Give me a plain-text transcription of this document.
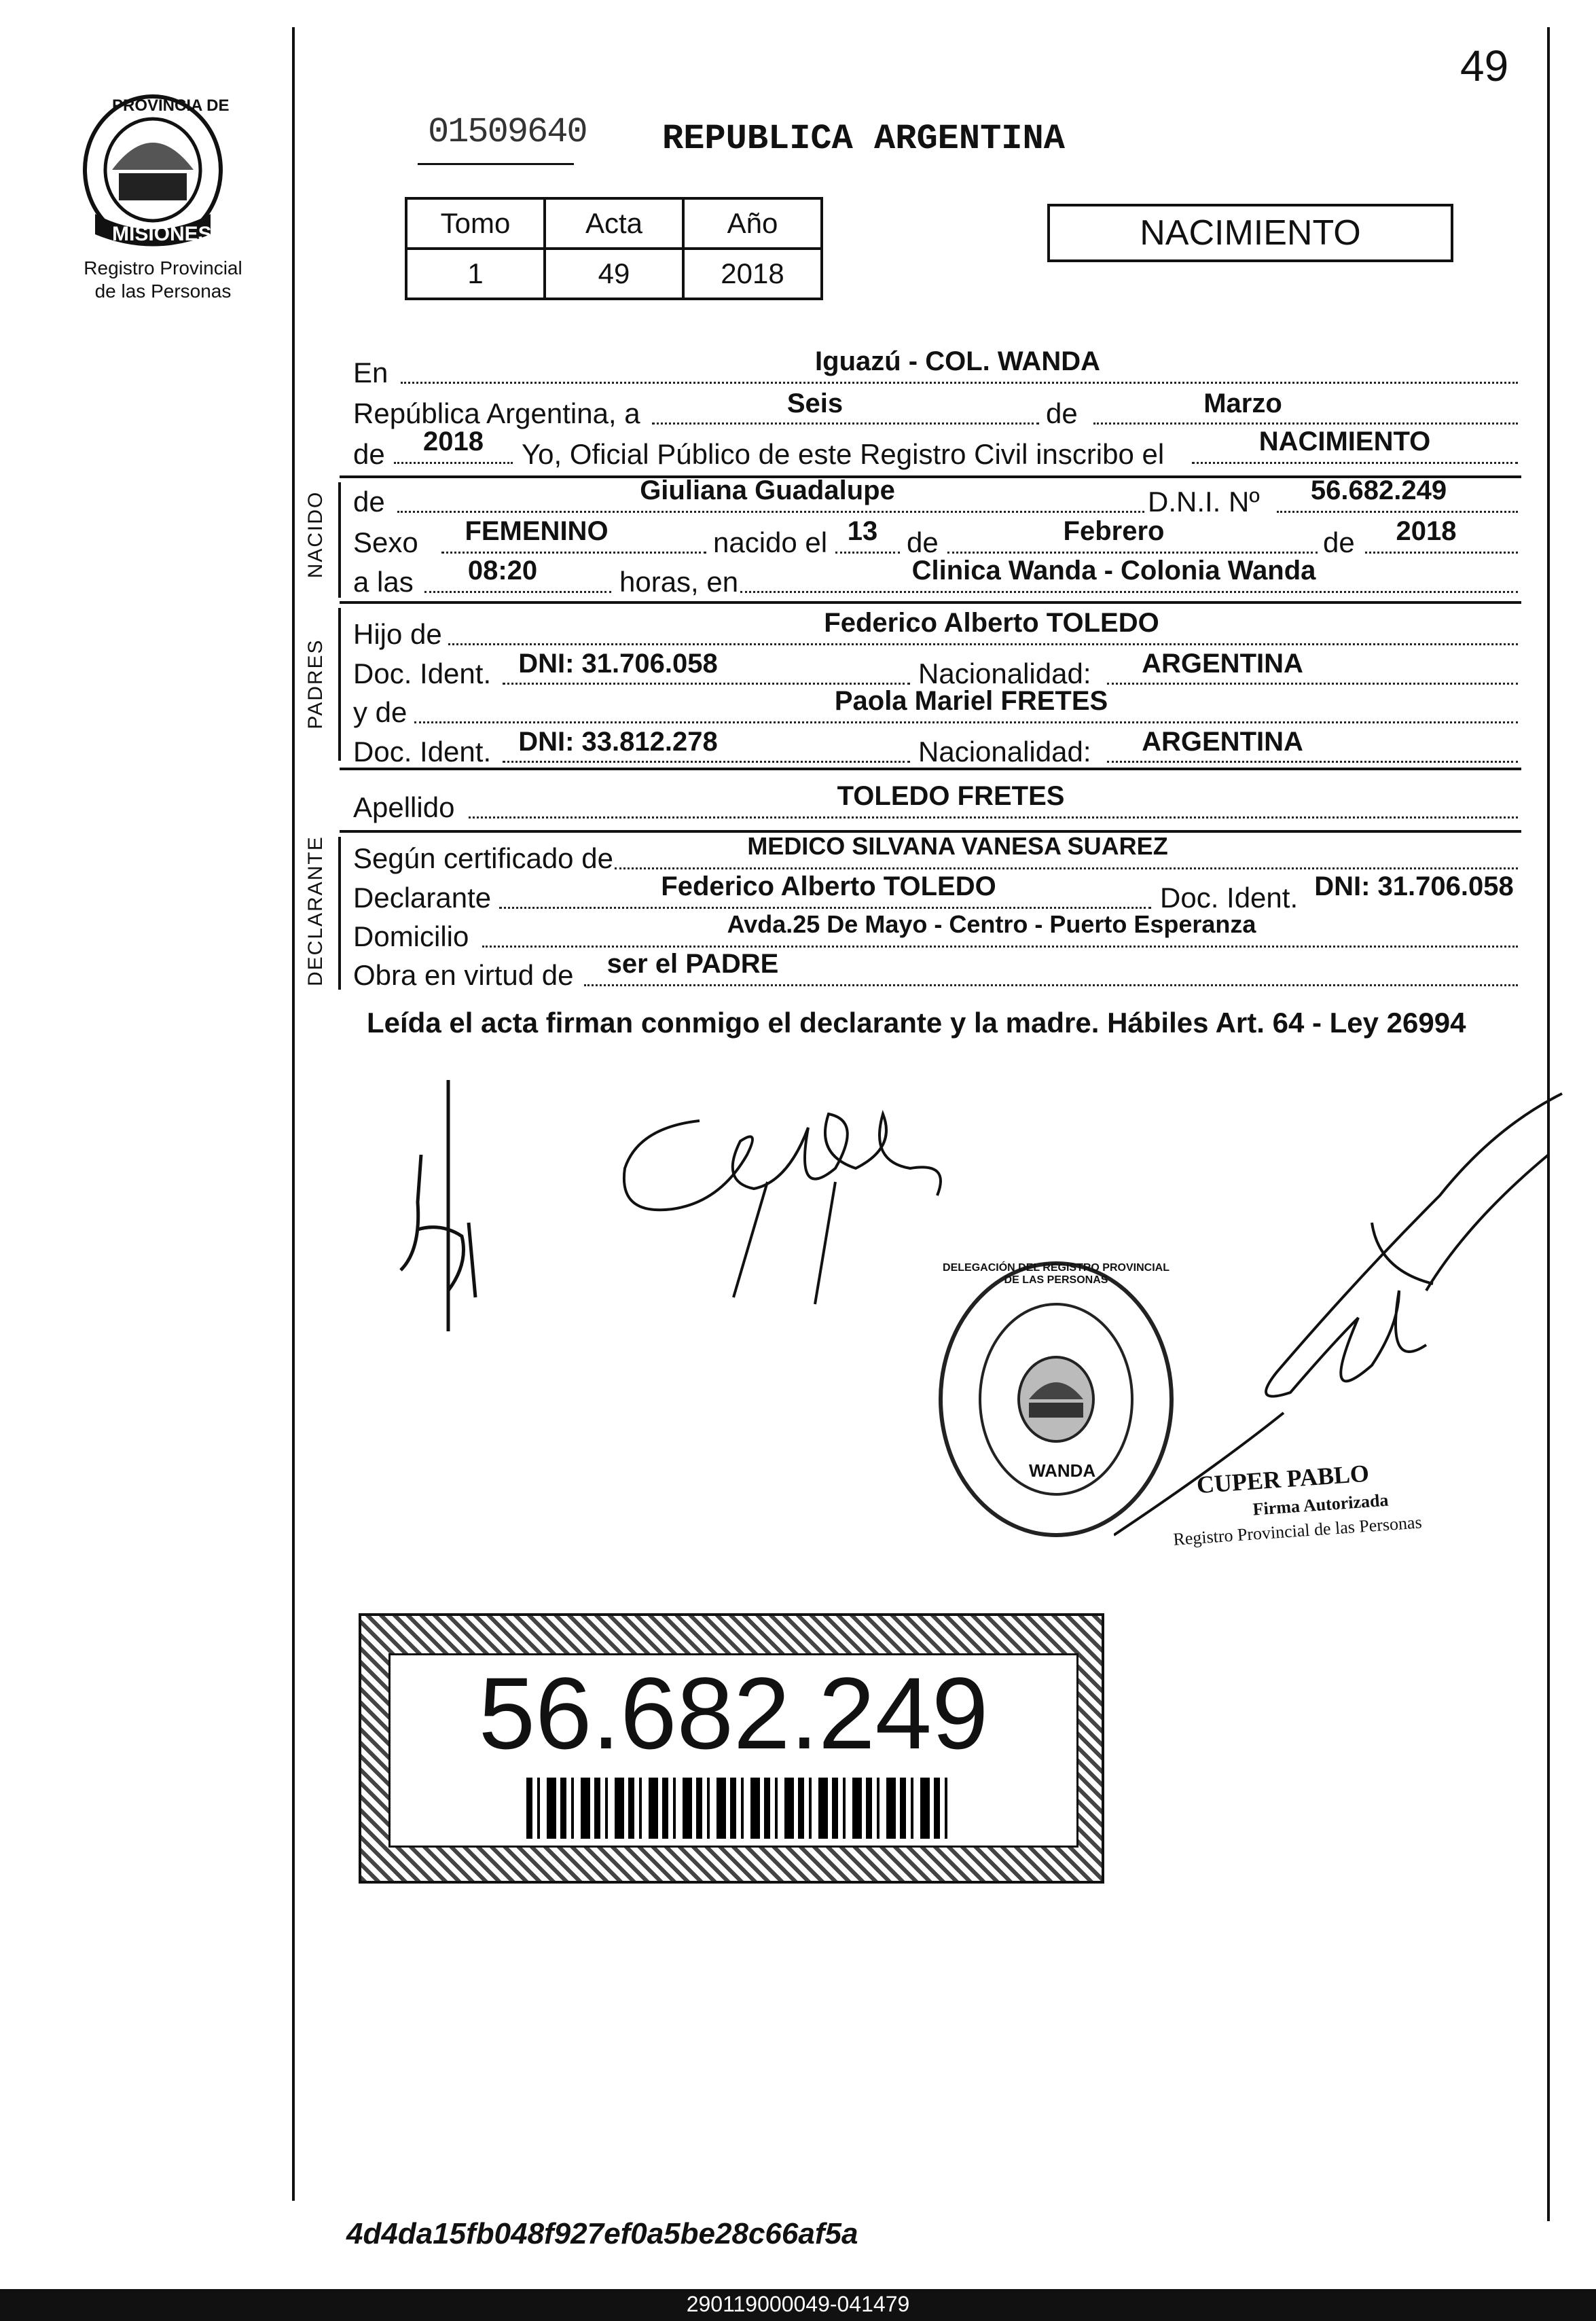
49
PROVINCIA DE
MISIONES
Registro Provincial
de las Personas
01509640 REPUBLICA ARGENTINA
Tomo	Acta	Año
1	49	2018
NACIMIENTO
En	Iguazú - COL. WANDA
República Argentina, a	Seis	de	Marzo
de	2018	Yo, Oficial Público de este Registro Civil inscribo el	NACIMIENTO
NACIDO de	Giuliana Guadalupe	D.N.I. Nº	56.682.249
Sexo	FEMENINO	nacido el 13	de	Febrero	de	2018
a las	08:20	horas, en	Clinica Wanda - Colonia Wanda
PADRES
Hijo de	Federico Alberto TOLEDO
Doc. Ident.	DNI: 31.706.058	Nacionalidad:	ARGENTINA
y de	Paola Mariel FRETES
Doc. Ident.	DNI: 33.812.278	Nacionalidad:	ARGENTINA
Apellido	TOLEDO FRETES
DECLARANTE Según certificado de	MEDICO SILVANA VANESA SUAREZ
Declarante	Federico Alberto TOLEDO	Doc. Ident. DNI: 31.706.058
Domicilio	Avda.25 De Mayo - Centro - Puerto Esperanza
Obra en virtud de	ser el PADRE
Leída el acta firman conmigo el declarante y la madre. Hábiles Art. 64 - Ley 26994
DELEGACIÓN DEL REGISTRO PROVINCIAL DE LAS PERSONAS
WANDA	CUPER PABLO
Firma Autorizada
Registro Provincial de las Personas
56.682.249
4d4da15fb048f927ef0a5be28c66af5a
290119000049-041479
